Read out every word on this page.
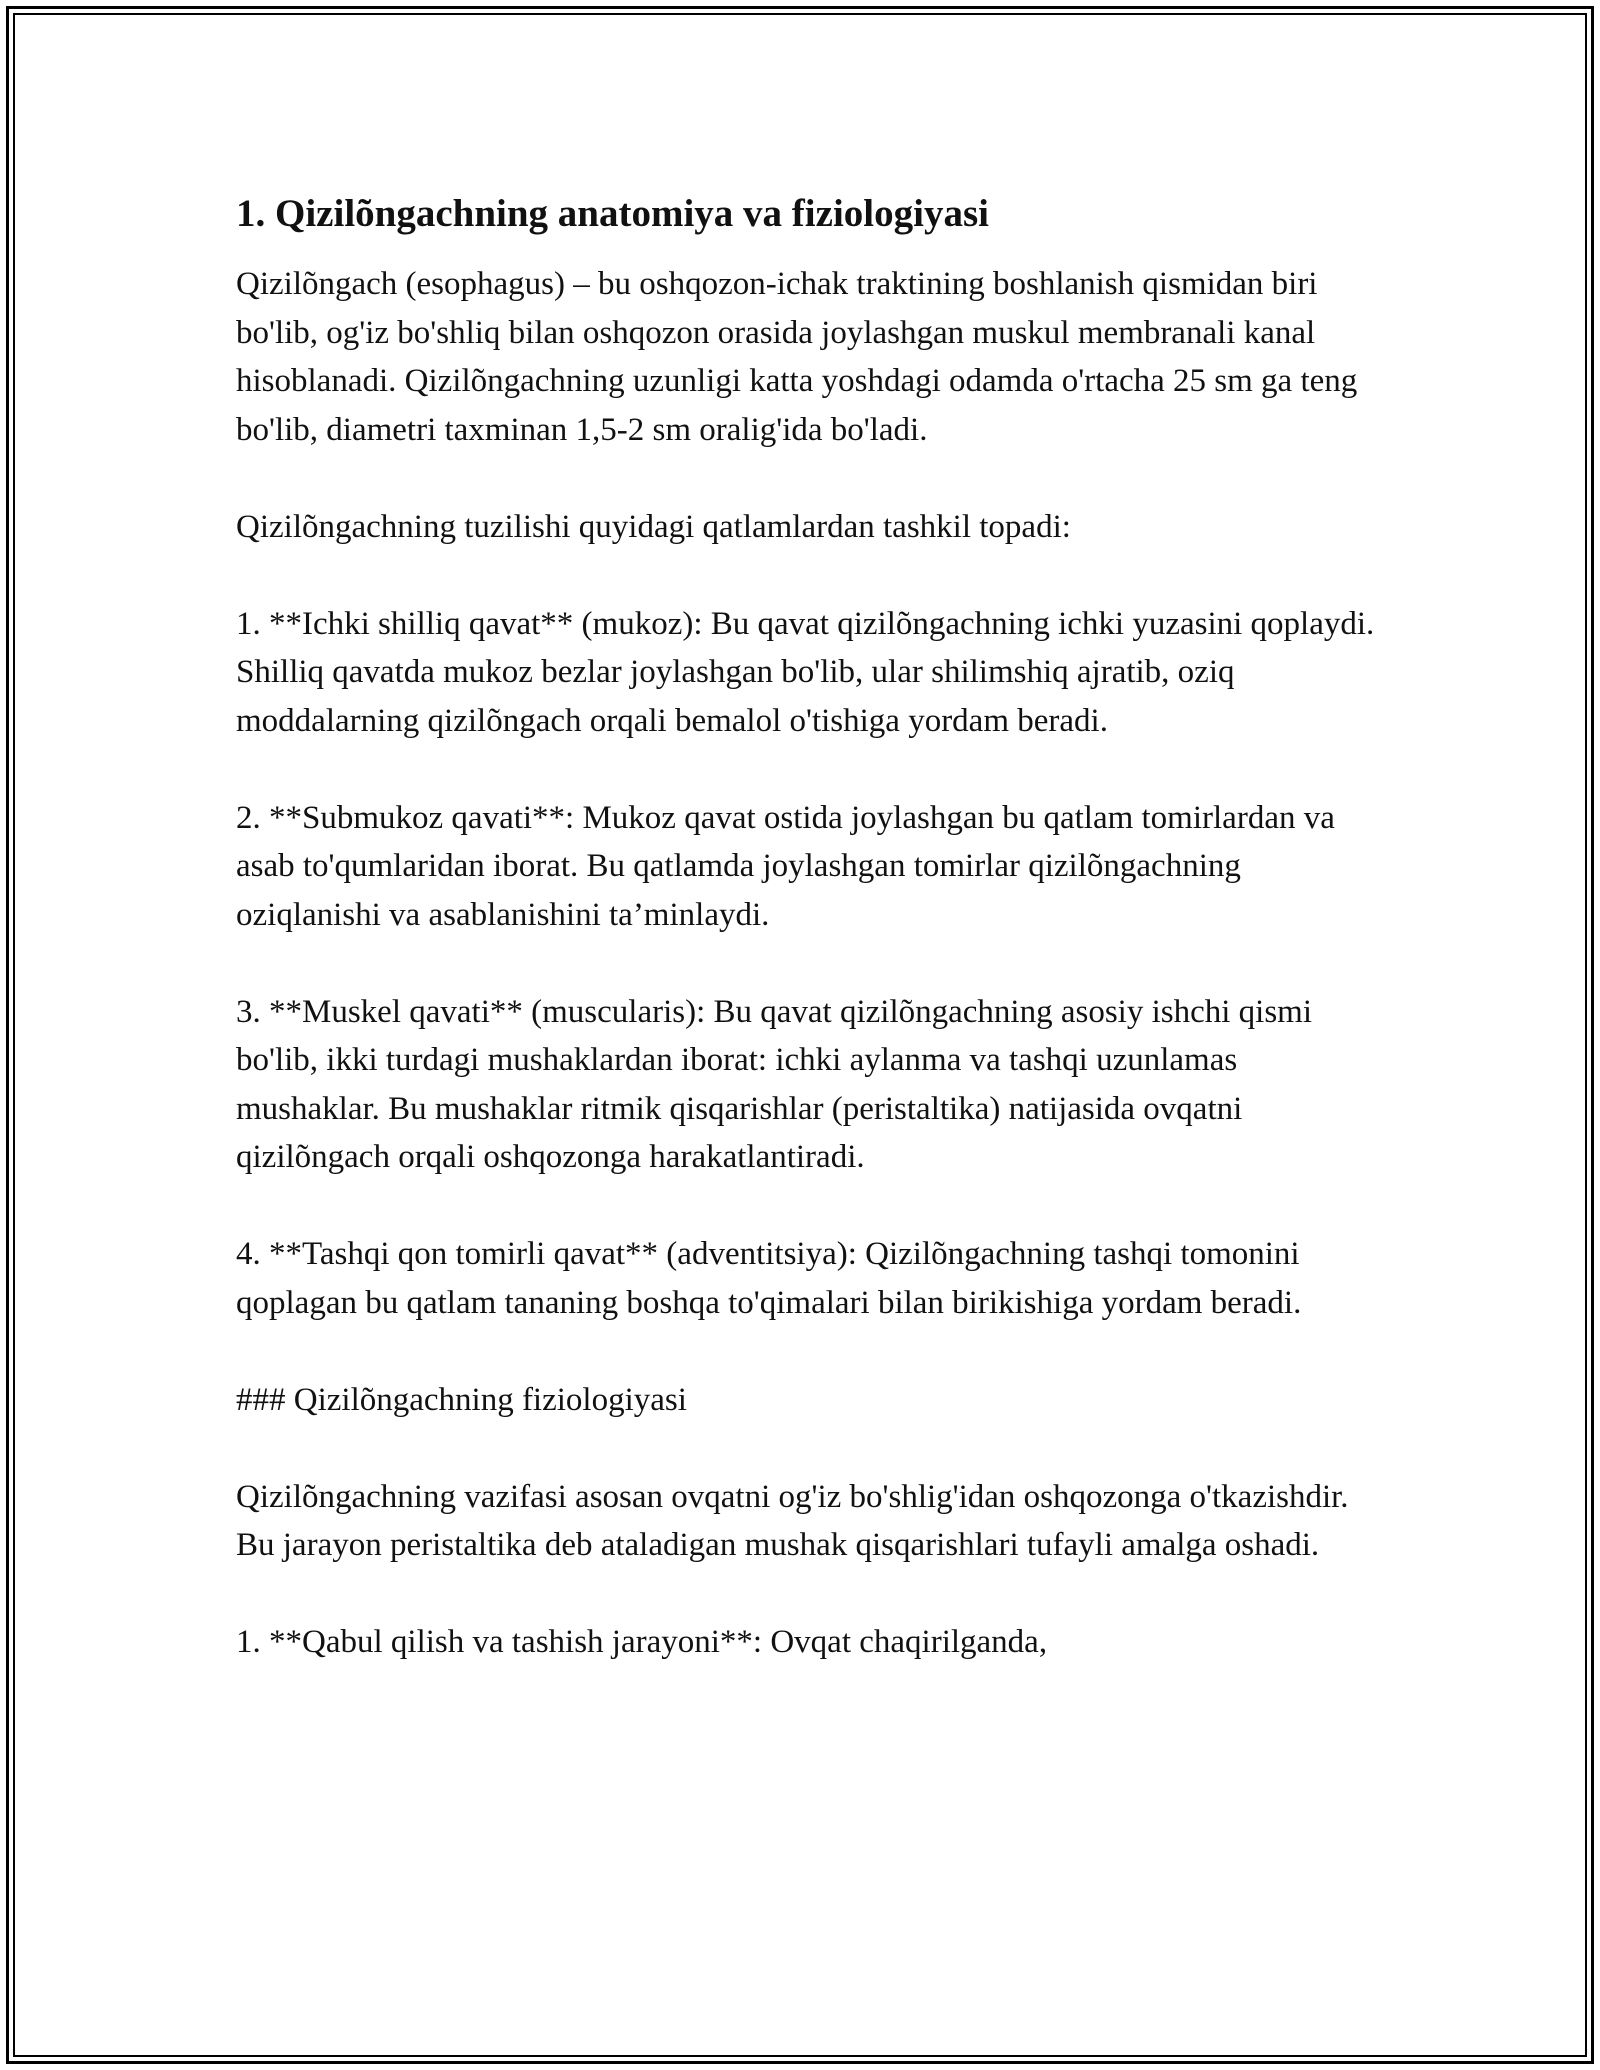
1. Qizilõngachning anatomiya va fiziologiyasi

Qizilõngach (esophagus) – bu oshqozon-ichak traktining boshlanish qismidan biri bo'lib, og'iz bo'shliq bilan oshqozon orasida joylashgan muskul membranali kanal hisoblanadi. Qizilõngachning uzunligi katta yoshdagi odamda o'rtacha 25 sm ga teng bo'lib, diametri taxminan 1,5-2 sm oralig'ida bo'ladi.

Qizilõngachning tuzilishi quyidagi qatlamlardan tashkil topadi:

1. **Ichki shilliq qavat** (mukoz): Bu qavat qizilõngachning ichki yuzasini qoplaydi. Shilliq qavatda mukoz bezlar joylashgan bo'lib, ular shilimshiq ajratib, oziq moddalarning qizilõngach orqali bemalol o'tishiga yordam beradi.

2. **Submukoz qavati**: Mukoz qavat ostida joylashgan bu qatlam tomirlardan va asab to'qumlaridan iborat. Bu qatlamda joylashgan tomirlar qizilõngachning oziqlanishi va asablanishini ta’minlaydi.

3. **Muskel qavati** (muscularis): Bu qavat qizilõngachning asosiy ishchi qismi bo'lib, ikki turdagi mushaklardan iborat: ichki aylanma va tashqi uzunlamas mushaklar. Bu mushaklar ritmik qisqarishlar (peristaltika) natijasida ovqatni qizilõngach orqali oshqozonga harakatlantiradi.

4. **Tashqi qon tomirli qavat** (adventitsiya): Qizilõngachning tashqi tomonini qoplagan bu qatlam tananing boshqa to'qimalari bilan birikishiga yordam beradi.

### Qizilõngachning fiziologiyasi

Qizilõngachning vazifasi asosan ovqatni og'iz bo'shlig'idan oshqozonga o'tkazishdir. Bu jarayon peristaltika deb ataladigan mushak qisqarishlari tufayli amalga oshadi.

1. **Qabul qilish va tashish jarayoni**: Ovqat chaqirilganda,
